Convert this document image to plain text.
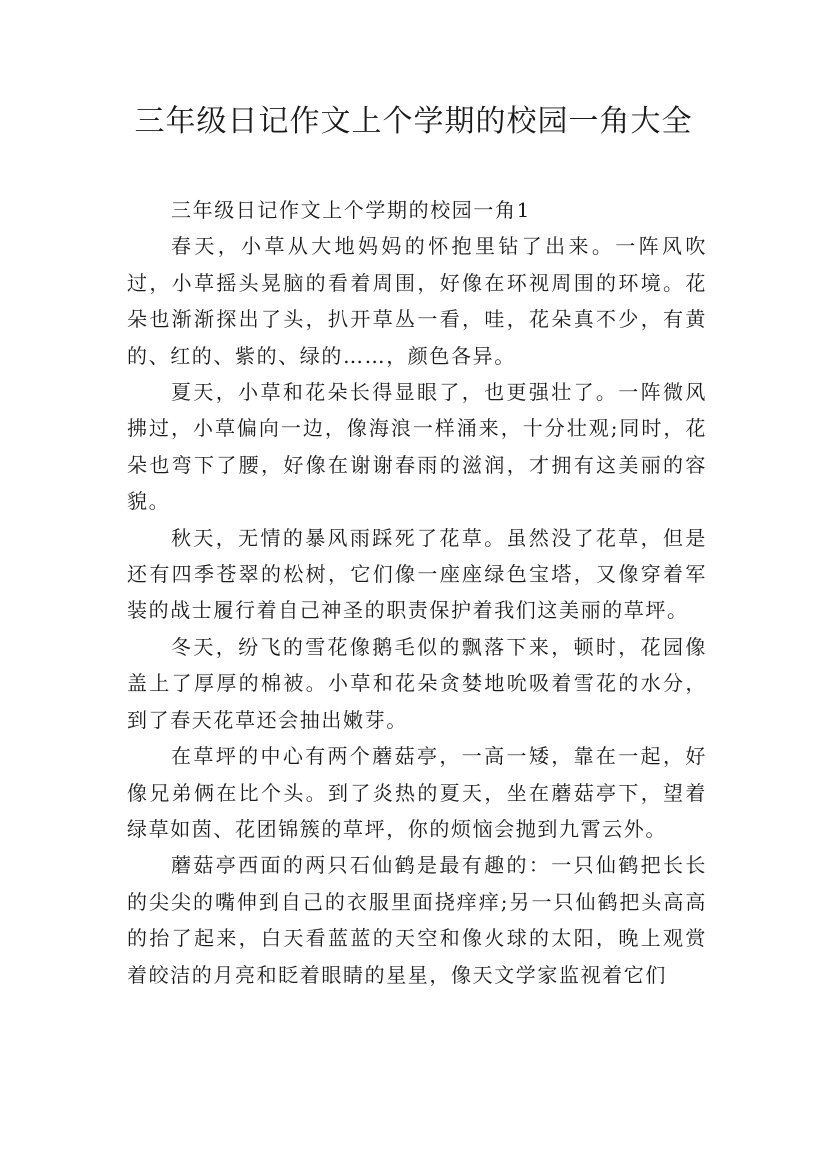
三年级日记作文上个学期的校园一角大全

三年级日记作文上个学期的校园一角1

春天，小草从大地妈妈的怀抱里钻了出来。一阵风吹过，小草摇头晃脑的看着周围，好像在环视周围的环境。花朵也渐渐探出了头，扒开草丛一看，哇，花朵真不少，有黄的、红的、紫的、绿的……，颜色各异。

夏天，小草和花朵长得显眼了，也更强壮了。一阵微风拂过，小草偏向一边，像海浪一样涌来，十分壮观;同时，花朵也弯下了腰，好像在谢谢春雨的滋润，才拥有这美丽的容貌。

秋天，无情的暴风雨踩死了花草。虽然没了花草，但是还有四季苍翠的松树，它们像一座座绿色宝塔，又像穿着军装的战士履行着自己神圣的职责保护着我们这美丽的草坪。

冬天，纷飞的雪花像鹅毛似的飘落下来，顿时，花园像盖上了厚厚的棉被。小草和花朵贪婪地吮吸着雪花的水分，到了春天花草还会抽出嫩芽。

在草坪的中心有两个蘑菇亭，一高一矮，靠在一起，好像兄弟俩在比个头。到了炎热的夏天，坐在蘑菇亭下，望着绿草如茵、花团锦簇的草坪，你的烦恼会抛到九霄云外。

蘑菇亭西面的两只石仙鹤是最有趣的：一只仙鹤把长长的尖尖的嘴伸到自己的衣服里面挠痒痒;另一只仙鹤把头高高的抬了起来，白天看蓝蓝的天空和像火球的太阳，晚上观赏着皎洁的月亮和眨着眼睛的星星，像天文学家监视着它们
